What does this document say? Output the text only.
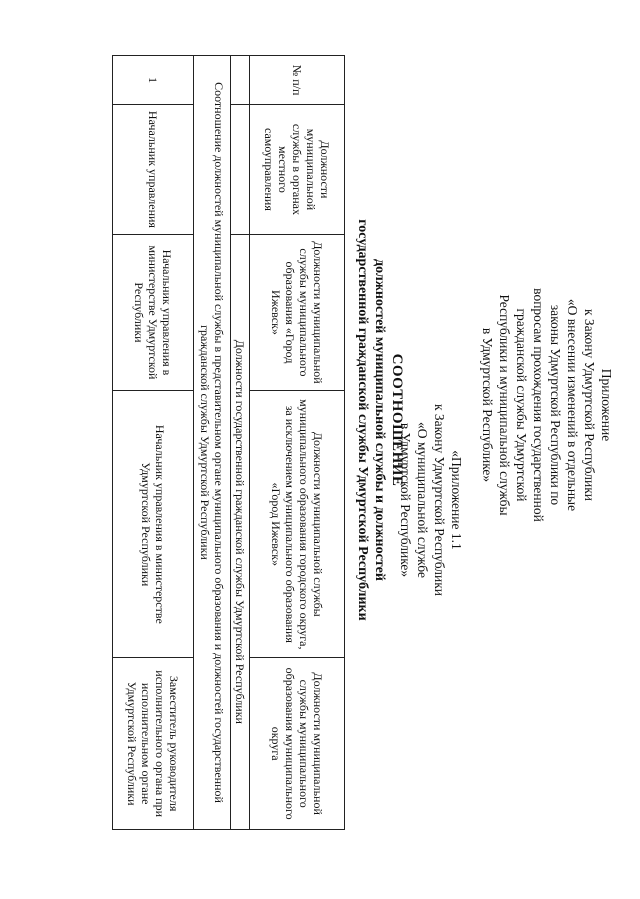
Приложение
к Закону Удмуртской Республики
«О внесении изменений в отдельные
законы Удмуртской Республики по
вопросам прохождения государственной
гражданской службы Удмуртской
Республики и муниципальной службы
в Удмуртской Республике»
«Приложение 1.1
к Закону Удмуртской Республики
«О муниципальной службе
в Удмуртской Республике»
СООТНОШЕНИЕ
должностей муниципальной службы и должностей
государственной гражданской службы Удмуртской Республики
№ п/п	Должности муниципальной службы в органах местного самоуправления	Должности муниципальной службы муниципального образования «Город Ижевск»	Должности муниципальной службы муниципального образования городского округа, за исключением муниципального образования «Город Ижевск»	Должности муниципальной службы муниципального образования муниципального округа
		Должности государственной гражданской службы Удмуртской Республики		
Соотношение должностей муниципальной службы в представительном органе муниципального образования и должностей государственной гражданской службы Удмуртской Республики				
1	Начальник управления	Начальник управления в министерстве Удмуртской Республики	Начальник управления в министерстве Удмуртской Республики	Заместитель руководителя исполнительного органа при исполнительном органе Удмуртской Республики
